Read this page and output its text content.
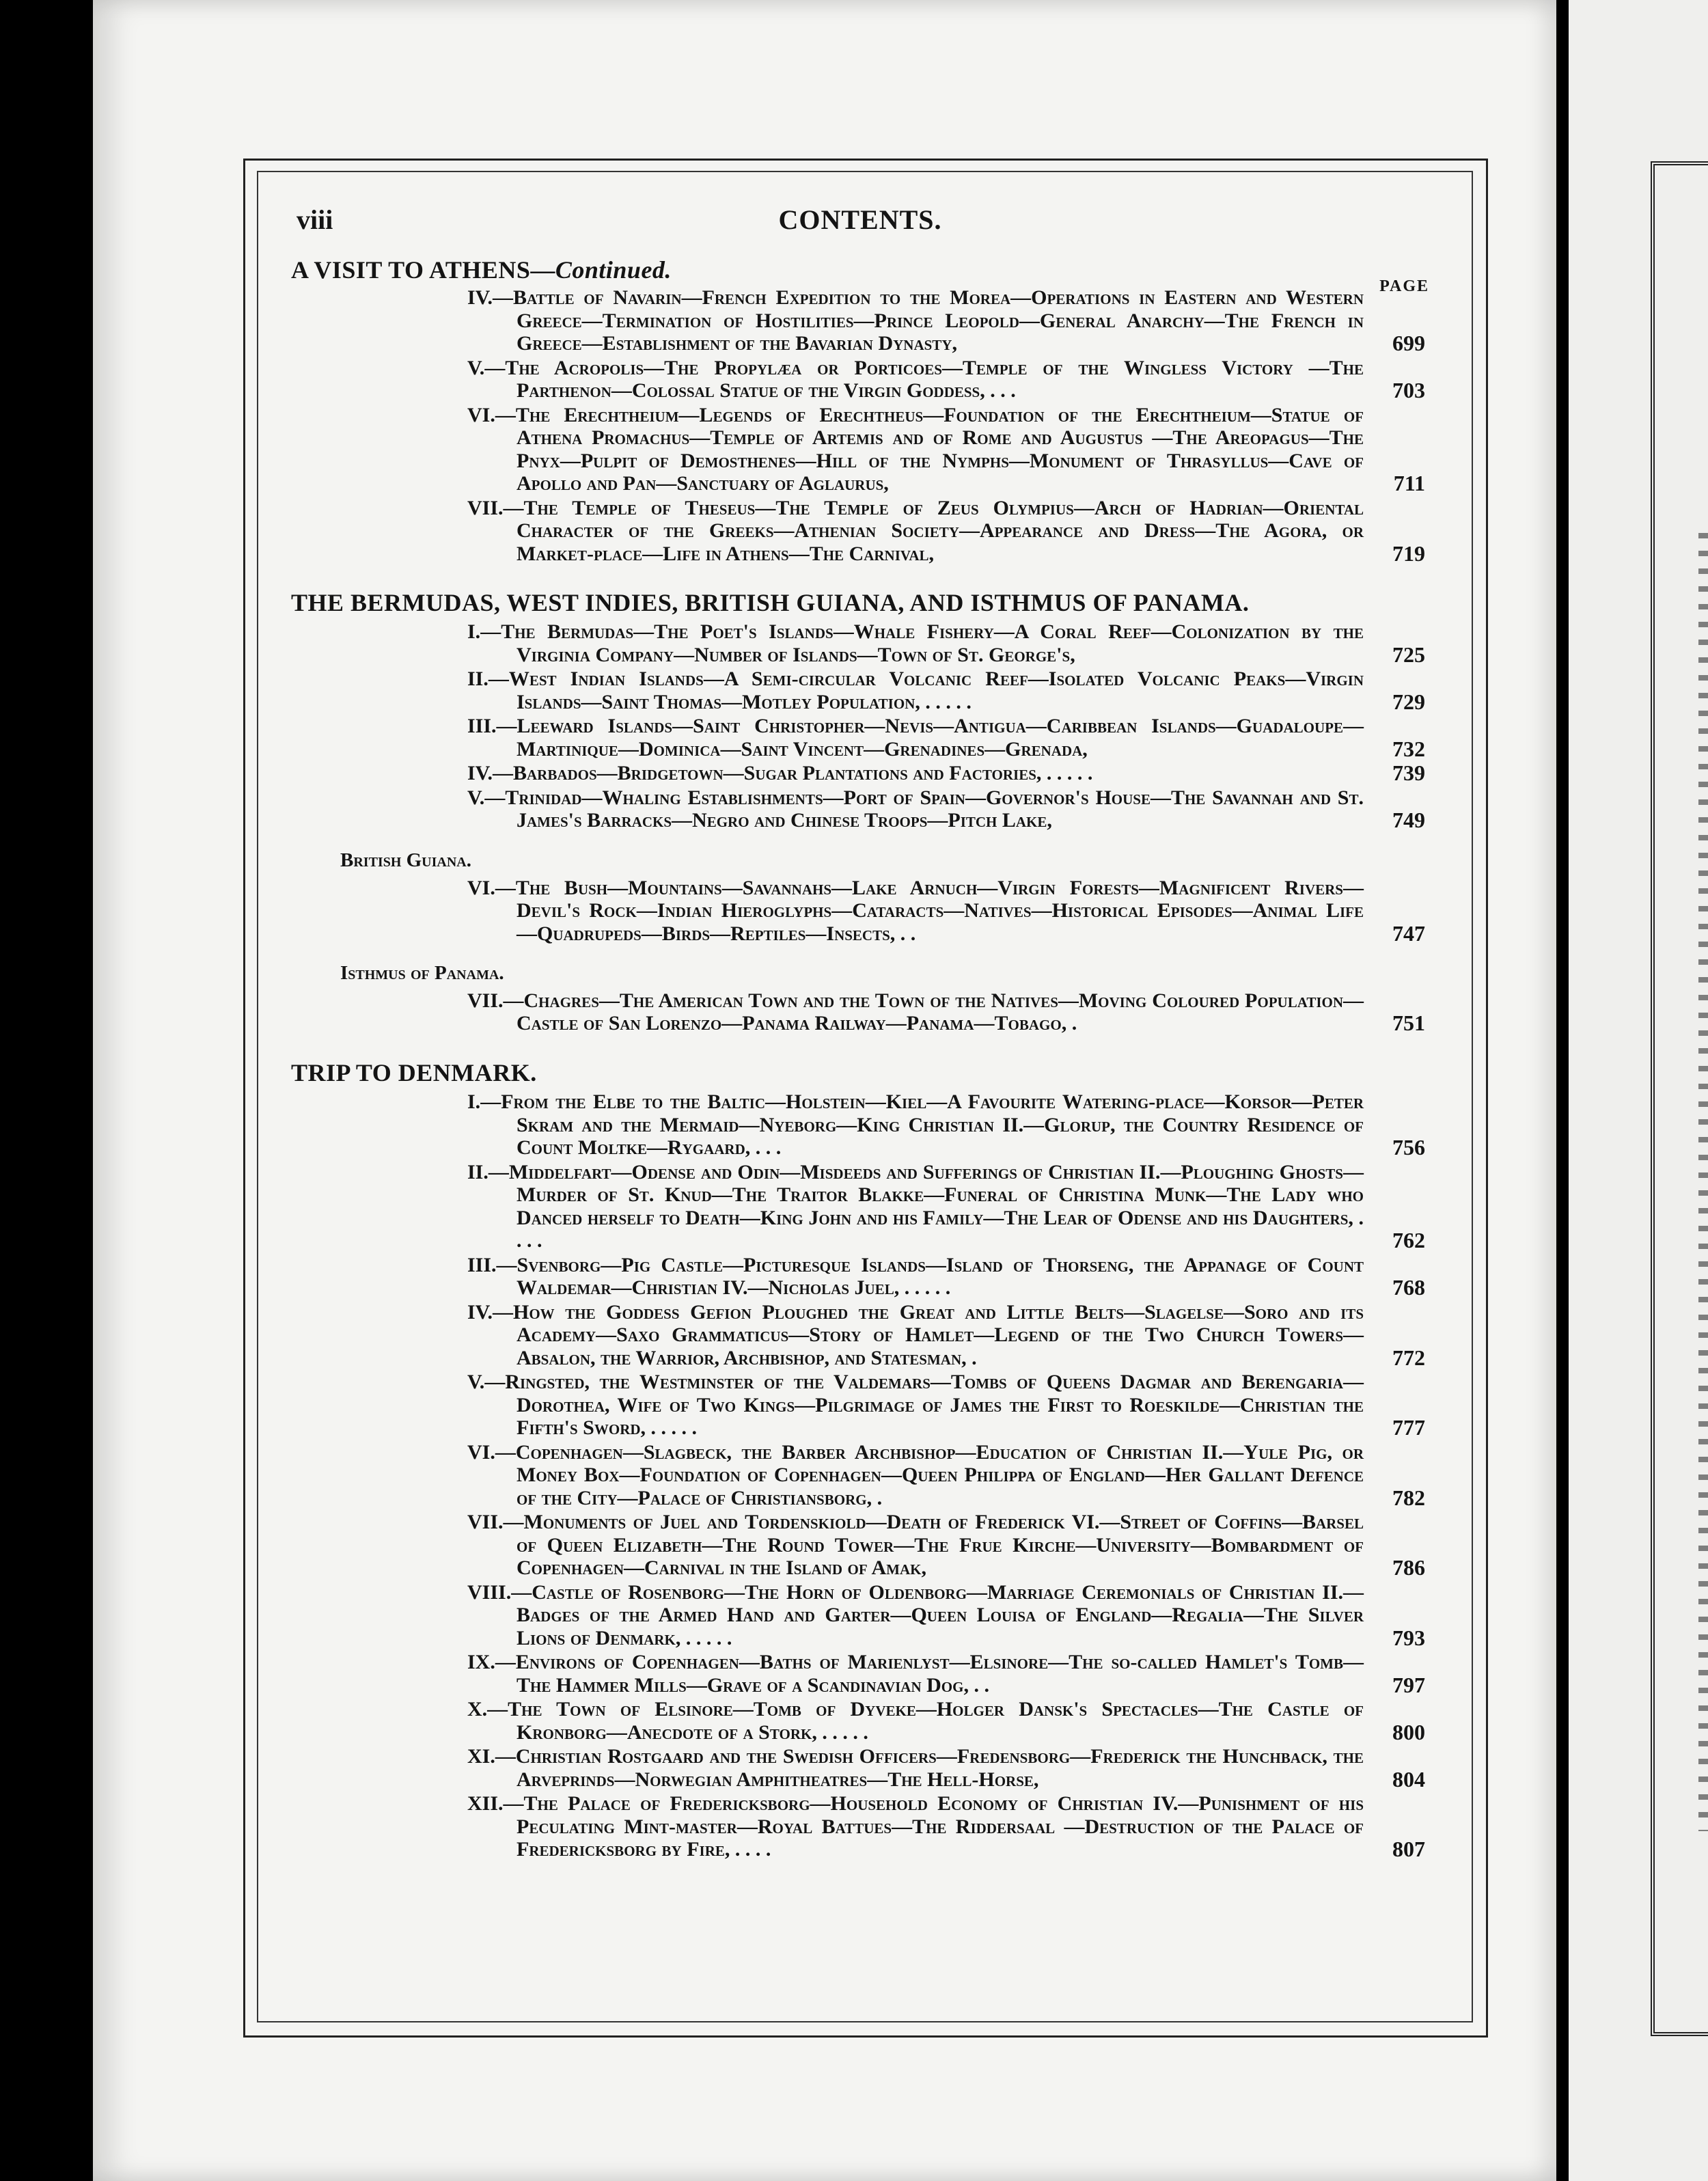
viii	CONTENTS.
PAGE
A VISIT TO ATHENS—Continued.
IV.—Battle of Navarin—French Expedition to the Morea—Operations in Eastern and Western Greece—Termination of Hostilities—Prince Leopold—General Anarchy—The French in Greece—Establishment of the Bavarian Dynasty,	699
V.—The Acropolis—The Propylæa or Porticoes—Temple of the Wingless Victory —The Parthenon—Colossal Statue of the Virgin Goddess, . . .	703
VI.—The Erechtheium—Legends of Erechtheus—Foundation of the Erechtheium—Statue of Athena Promachus—Temple of Artemis and of Rome and Augustus —The Areopagus—The Pnyx—Pulpit of Demosthenes—Hill of the Nymphs—Monument of Thrasyllus—Cave of Apollo and Pan—Sanctuary of Aglaurus,	711
VII.—The Temple of Theseus—The Temple of Zeus Olympius—Arch of Hadrian—Oriental Character of the Greeks—Athenian Society—Appearance and Dress—The Agora, or Market-place—Life in Athens—The Carnival,	719
THE BERMUDAS, WEST INDIES, BRITISH GUIANA, AND ISTHMUS OF PANAMA.
I.—The Bermudas—The Poet's Islands—Whale Fishery—A Coral Reef—Colonization by the Virginia Company—Number of Islands—Town of St. George's,	725
II.—West Indian Islands—A Semi-circular Volcanic Reef—Isolated Volcanic Peaks—Virgin Islands—Saint Thomas—Motley Population, . . . . .	729
III.—Leeward Islands—Saint Christopher—Nevis—Antigua—Caribbean Islands—Guadaloupe—Martinique—Dominica—Saint Vincent—Grenadines—Grenada,	732
IV.—Barbados—Bridgetown—Sugar Plantations and Factories, . . . . .	739
V.—Trinidad—Whaling Establishments—Port of Spain—Governor's House—The Savannah and St. James's Barracks—Negro and Chinese Troops—Pitch Lake,	749
British Guiana.
VI.—The Bush—Mountains—Savannahs—Lake Arnuch—Virgin Forests—Magnificent Rivers—Devil's Rock—Indian Hieroglyphs—Cataracts—Natives—Historical Episodes—Animal Life—Quadrupeds—Birds—Reptiles—Insects, . .	747
Isthmus of Panama.
VII.—Chagres—The American Town and the Town of the Natives—Moving Coloured Population—Castle of San Lorenzo—Panama Railway—Panama—Tobago, .	751
TRIP TO DENMARK.
I.—From the Elbe to the Baltic—Holstein—Kiel—A Favourite Watering-place—Korsor—Peter Skram and the Mermaid—Nyeborg—King Christian II.—Glorup, the Country Residence of Count Moltke—Rygaard, . . .	756
II.—Middelfart—Odense and Odin—Misdeeds and Sufferings of Christian II.—Ploughing Ghosts—Murder of St. Knud—The Traitor Blakke—Funeral of Christina Munk—The Lady who Danced herself to Death—King John and his Family—The Lear of Odense and his Daughters, . . . .	762
III.—Svenborg—Pig Castle—Picturesque Islands—Island of Thorseng, the Appanage of Count Waldemar—Christian IV.—Nicholas Juel, . . . . .	768
IV.—How the Goddess Gefion Ploughed the Great and Little Belts—Slagelse—Soro and its Academy—Saxo Grammaticus—Story of Hamlet—Legend of the Two Church Towers—Absalon, the Warrior, Archbishop, and Statesman, .	772
V.—Ringsted, the Westminster of the Valdemars—Tombs of Queens Dagmar and Berengaria—Dorothea, Wife of Two Kings—Pilgrimage of James the First to Roeskilde—Christian the Fifth's Sword, . . . . .	777
VI.—Copenhagen—Slagbeck, the Barber Archbishop—Education of Christian II.—Yule Pig, or Money Box—Foundation of Copenhagen—Queen Philippa of England—Her Gallant Defence of the City—Palace of Christiansborg, .	782
VII.—Monuments of Juel and Tordenskiold—Death of Frederick VI.—Street of Coffins—Barsel of Queen Elizabeth—The Round Tower—The Frue Kirche—University—Bombardment of Copenhagen—Carnival in the Island of Amak,	786
VIII.—Castle of Rosenborg—The Horn of Oldenborg—Marriage Ceremonials of Christian II.—Badges of the Armed Hand and Garter—Queen Louisa of England—Regalia—The Silver Lions of Denmark, . . . . .	793
IX.—Environs of Copenhagen—Baths of Marienlyst—Elsinore—The so-called Hamlet's Tomb—The Hammer Mills—Grave of a Scandinavian Dog, . .	797
X.—The Town of Elsinore—Tomb of Dyveke—Holger Dansk's Spectacles—The Castle of Kronborg—Anecdote of a Stork, . . . . .	800
XI.—Christian Rostgaard and the Swedish Officers—Fredensborg—Frederick the Hunchback, the Arveprinds—Norwegian Amphitheatres—The Hell-Horse,	804
XII.—The Palace of Fredericksborg—Household Economy of Christian IV.—Punishment of his Peculating Mint-master—Royal Battues—The Riddersaal —Destruction of the Palace of Fredericksborg by Fire, . . . .	807
